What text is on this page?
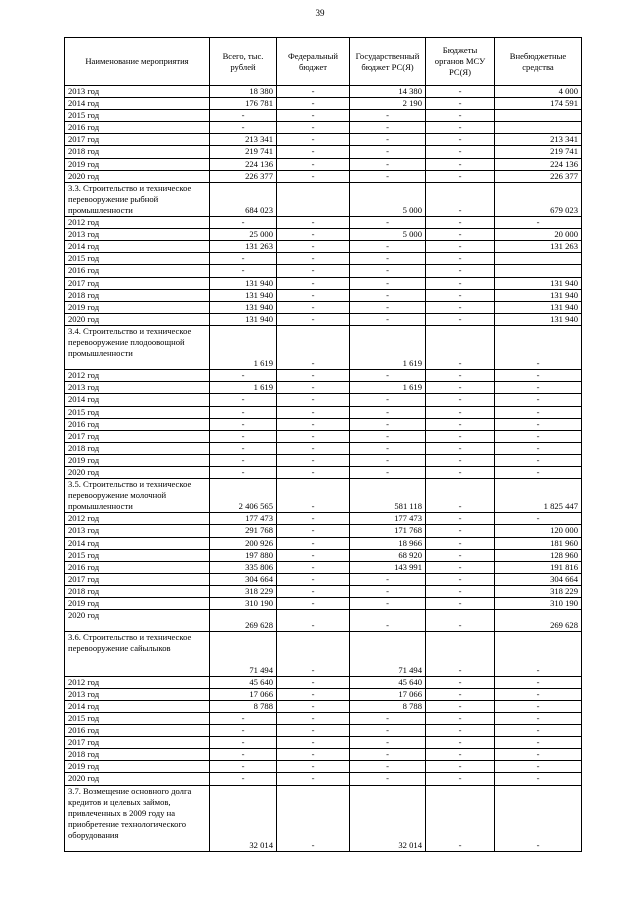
39
Наименование мероприятия	Всего, тыс. рублей	Федеральный бюджет	Государственный бюджет РС(Я)	Бюджеты органов МСУ РС(Я)	Внебюджетные средства
2013 год	18 380	-	14 380	-	4 000
2014 год	176 781	-	2 190	-	174 591
2015 год	-	-	-	-	
2016 год	-	-	-	-	
2017 год	213 341	-	-	-	213 341
2018 год	219 741	-	-	-	219 741
2019 год	224 136	-	-	-	224 136
2020 год	226 377	-	-	-	226 377
3.3. Строительство и техническое перевооружение рыбной промышленности	684 023		5 000	-	679 023
2012 год	-	-	-	-	-
2013 год	25 000	-	5 000	-	20 000
2014 год	131 263	-	-	-	131 263
2015 год	-	-	-	-	
2016 год	-	-	-	-	
2017 год	131 940	-	-	-	131 940
2018 год	131 940	-	-	-	131 940
2019 год	131 940	-	-	-	131 940
2020 год	131 940	-	-	-	131 940
3.4. Строительство и техническое перевооружение плодоовощной промышленности	1 619	-	1 619	-	-
2012 год	-	-	-	-	-
2013 год	1 619	-	1 619	-	-
2014 год	-	-	-	-	-
2015 год	-	-	-	-	-
2016 год	-	-	-	-	-
2017 год	-	-	-	-	-
2018 год	-	-	-	-	-
2019 год	-	-	-	-	-
2020 год	-	-	-	-	-
3.5. Строительство и техническое перевооружение молочной промышленности	2 406 565	-	581 118	-	1 825 447
2012 год	177 473	-	177 473	-	-
2013 год	291 768	-	171 768	-	120 000
2014 год	200 926	-	18 966	-	181 960
2015 год	197 880	-	68 920	-	128 960
2016 год	335 806	-	143 991	-	191 816
2017 год	304 664	-	-	-	304 664
2018 год	318 229	-	-	-	318 229
2019 год	310 190	-	-	-	310 190
2020 год	269 628	-	-	-	269 628
3.6. Строительство и техническое перевооружение сайылыков	71 494	-	71 494	-	-
2012 год	45 640	-	45 640	-	-
2013 год	17 066	-	17 066	-	-
2014 год	8 788	-	8 788	-	-
2015 год	-	-	-	-	-
2016 год	-	-	-	-	-
2017 год	-	-	-	-	-
2018 год	-	-	-	-	-
2019 год	-	-	-	-	-
2020 год	-	-	-	-	-
3.7. Возмещение основного долга кредитов и целевых займов, привлеченных в 2009 году на приобретение технологического оборудования	32 014	-	32 014	-	-
